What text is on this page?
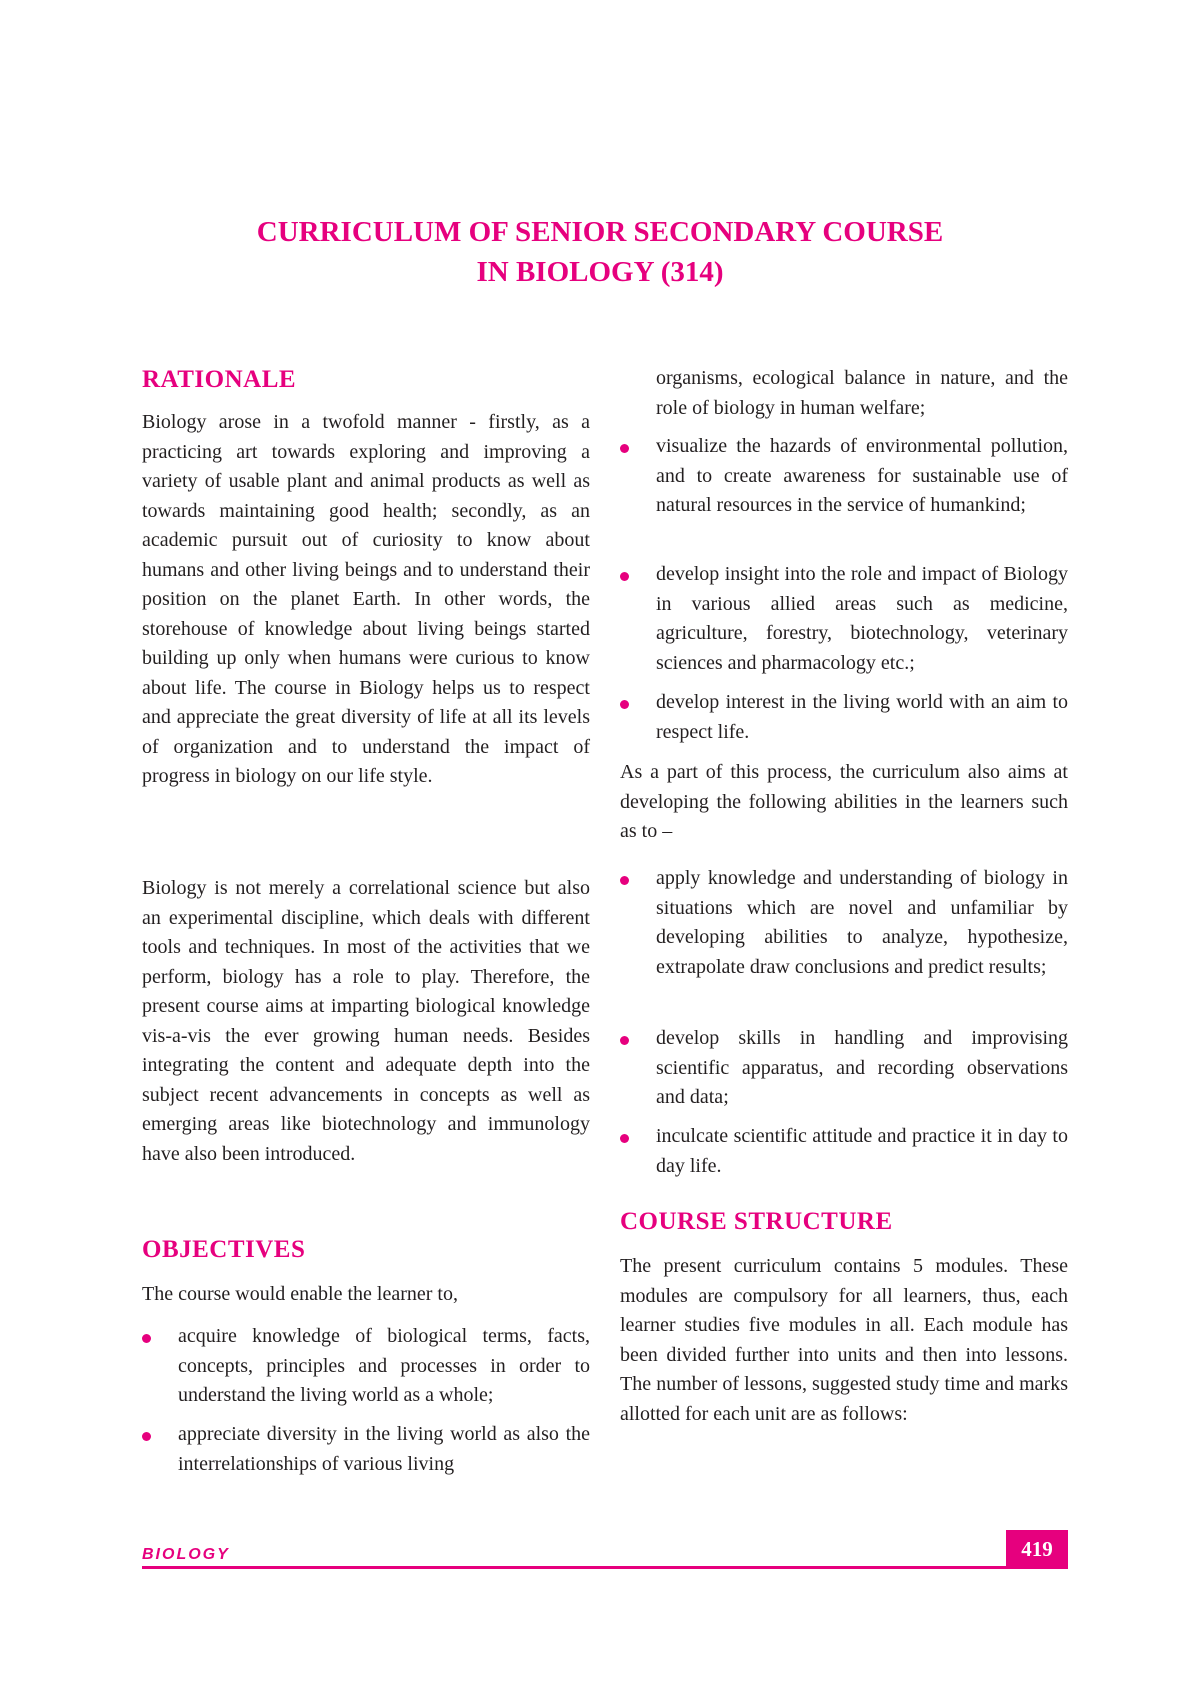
CURRICULUM OF SENIOR SECONDARY COURSE
IN BIOLOGY (314)
RATIONALE

Biology arose in a twofold manner - firstly, as a practicing art towards exploring and improving a variety of usable plant and animal products as well as towards maintaining good health; secondly, as an academic pursuit out of curiosity to know about humans and other living beings and to understand their position on the planet Earth. In other words, the storehouse of knowledge about living beings started building up only when humans were curious to know about life. The course in Biology helps us to respect and appreciate the great diversity of life at all its levels of organization and to understand the impact of progress in biology on our life style.

Biology is not merely a correlational science but also an experimental discipline, which deals with different tools and techniques. In most of the activities that we perform, biology has a role to play. Therefore, the present course aims at imparting biological knowledge vis-a-vis the ever growing human needs. Besides integrating the content and adequate depth into the subject recent advancements in concepts as well as emerging areas like biotechnology and immunology have also been introduced.

OBJECTIVES

The course would enable the learner to,

acquire knowledge of biological terms, facts, concepts, principles and processes in order to understand the living world as a whole;
appreciate diversity in the living world as also the interrelationships of various living

organisms, ecological balance in nature, and the role of biology in human welfare;

visualize the hazards of environmental pollution, and to create awareness for sustainable use of natural resources in the service of humankind;
develop insight into the role and impact of Biology in various allied areas such as medicine, agriculture, forestry, biotechnology, veterinary sciences and pharmacology etc.;
develop interest in the living world with an aim to respect life.

As a part of this process, the curriculum also aims at developing the following abilities in the learners such as to –

apply knowledge and understanding of biology in situations which are novel and unfamiliar by developing abilities to analyze, hypothesize, extrapolate draw conclusions and predict results;
develop skills in handling and improvising scientific apparatus, and recording observations and data;
inculcate scientific attitude and practice it in day to day life.
COURSE STRUCTURE

The present curriculum contains 5 modules. These modules are compulsory for all learners, thus, each learner studies five modules in all. Each module has been divided further into units and then into lessons. The number of lessons, suggested study time and marks allotted for each unit are as follows:

BIOLOGY	419
